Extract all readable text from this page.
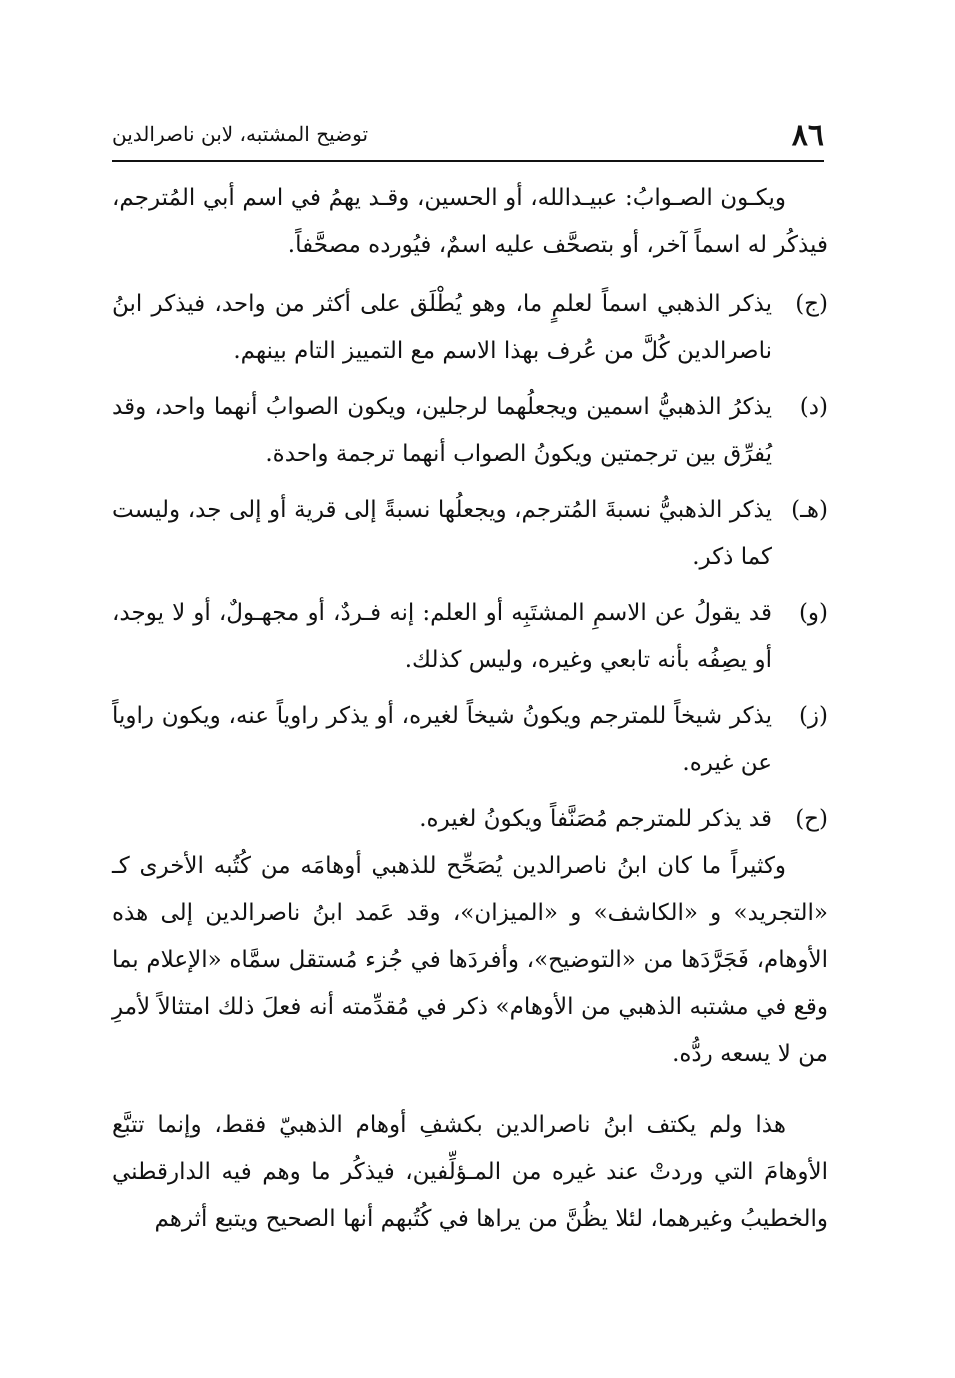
٨٦
توضيح المشتبه، لابن ناصرالدين

ويكـون الصـوابُ: عبيـدالله، أو الحسين، وقـد يهمُ في اسم أبي المُترجم، فيذكُر له اسماً آخر، أو بتصحَّف عليه اسمٌ، فيُورده مصحَّفاً.

(ج)
يذكر الذهبي اسماً لعلمٍ ما، وهو يُطْلَق على أكثر من واحد، فيذكر ابنُ ناصرالدين كُلَّ من عُرف بهذا الاسم مع التمييز التام بينهم.
(د)
يذكرُ الذهبيُّ اسمين ويجعلُهما لرجلين، ويكون الصوابُ أنهما واحد، وقد يُفرِّق بين ترجمتين ويكونُ الصواب أنهما ترجمة واحدة.
(هـ)
يذكر الذهبيُّ نسبةَ المُترجم، ويجعلُها نسبةً إلى قرية أو إلى جد، وليست كما ذكر.
(و)
قد يقولُ عن الاسمِ المشتَبِه أو العلم: إنه فـردٌ، أو مجهـولٌ، أو لا يوجد، أو يصِفُه بأنه تابعي وغيره، وليس كذلك.
(ز)
يذكر شيخاً للمترجم ويكونُ شيخاً لغيره، أو يذكر راوياً عنه، ويكون راوياً عن غيره.
(ح)
قد يذكر للمترجم مُصَنَّفاً ويكونُ لغيره.

وكثيراً ما كان ابنُ ناصرالدين يُصَحِّح للذهبي أوهامَه من كُتُبه الأخرى كـ «التجريد» و «الكاشف» و «الميزان»، وقد عَمد ابنُ ناصرالدين إلى هذه الأوهام، فَجَرَّدَها من «التوضيح»، وأفردَها في جُزء مُستقل سمَّاه «الإعلام بما وقع في مشتبه الذهبي من الأوهام» ذكر في مُقدِّمته أنه فعلَ ذلك امتثالاً لأمرِ من لا يسعه ردُّه.

هذا ولم يكتف ابنُ ناصرالدين بكشفِ أوهام الذهبيّ فقط، وإنما تتبَّع الأوهامَ التي وردتْ عند غيره من المـؤلِّفين، فيذكُر ما وهم فيه الدارقطني والخطيبُ وغيرهما، لئلا يظُنَّ من يراها في كُتُبهم أنها الصحيح ويتبع أثرهم
